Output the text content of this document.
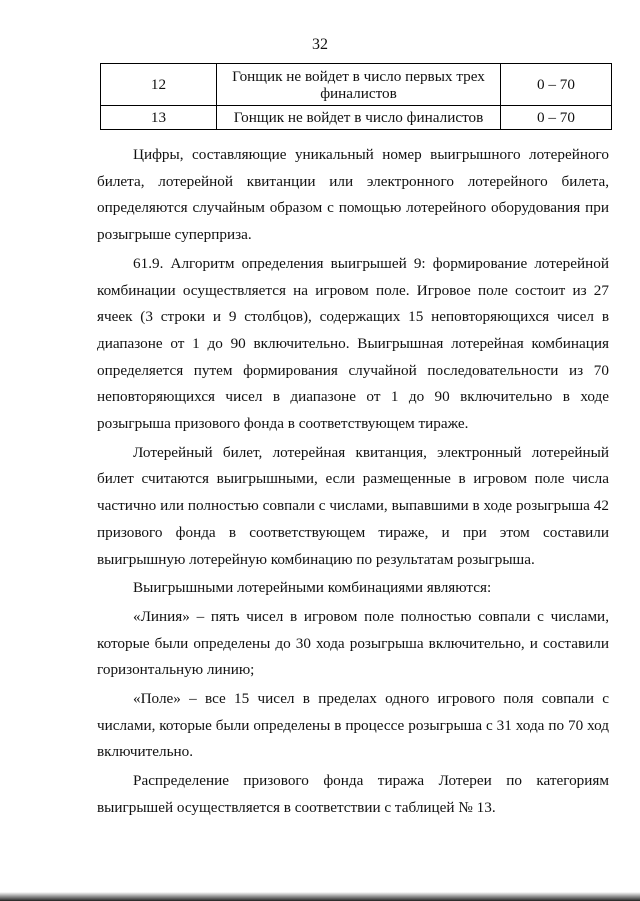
32
12	Гонщик не войдет в число первых трех финалистов	0 – 70
13	Гонщик не войдет в число финалистов	0 – 70

Цифры, составляющие уникальный номер выигрышного лотерейного билета, лотерейной квитанции или электронного лотерейного билета, определяются случайным образом с помощью лотерейного оборудования при розыгрыше суперприза.

61.9. Алгоритм определения выигрышей 9: формирование лотерейной комбинации осуществляется на игровом поле. Игровое поле состоит из 27 ячеек (3 строки и 9 столбцов), содержащих 15 неповторяющихся чисел в диапазоне от 1 до 90 включительно. Выигрышная лотерейная комбинация определяется путем формирования случайной последовательности из 70 неповторяющихся чисел в диапазоне от 1 до 90 включительно в ходе розыгрыша призового фонда в соответствующем тираже.

Лотерейный билет, лотерейная квитанция, электронный лотерейный билет считаются выигрышными, если размещенные в игровом поле числа частично или полностью совпали с числами, выпавшими в ходе розыгрыша 42 призового фонда в соответствующем тираже, и при этом составили выигрышную лотерейную комбинацию по результатам розыгрыша.

Выигрышными лотерейными комбинациями являются:

«Линия» – пять чисел в игровом поле полностью совпали с числами, которые были определены до 30 хода розыгрыша включительно, и составили горизонтальную линию;

«Поле» – все 15 чисел в пределах одного игрового поля совпали с числами, которые были определены в процессе розыгрыша с 31 хода по 70 ход включительно.

Распределение призового фонда тиража Лотереи по категориям выигрышей осуществляется в соответствии с таблицей № 13.
